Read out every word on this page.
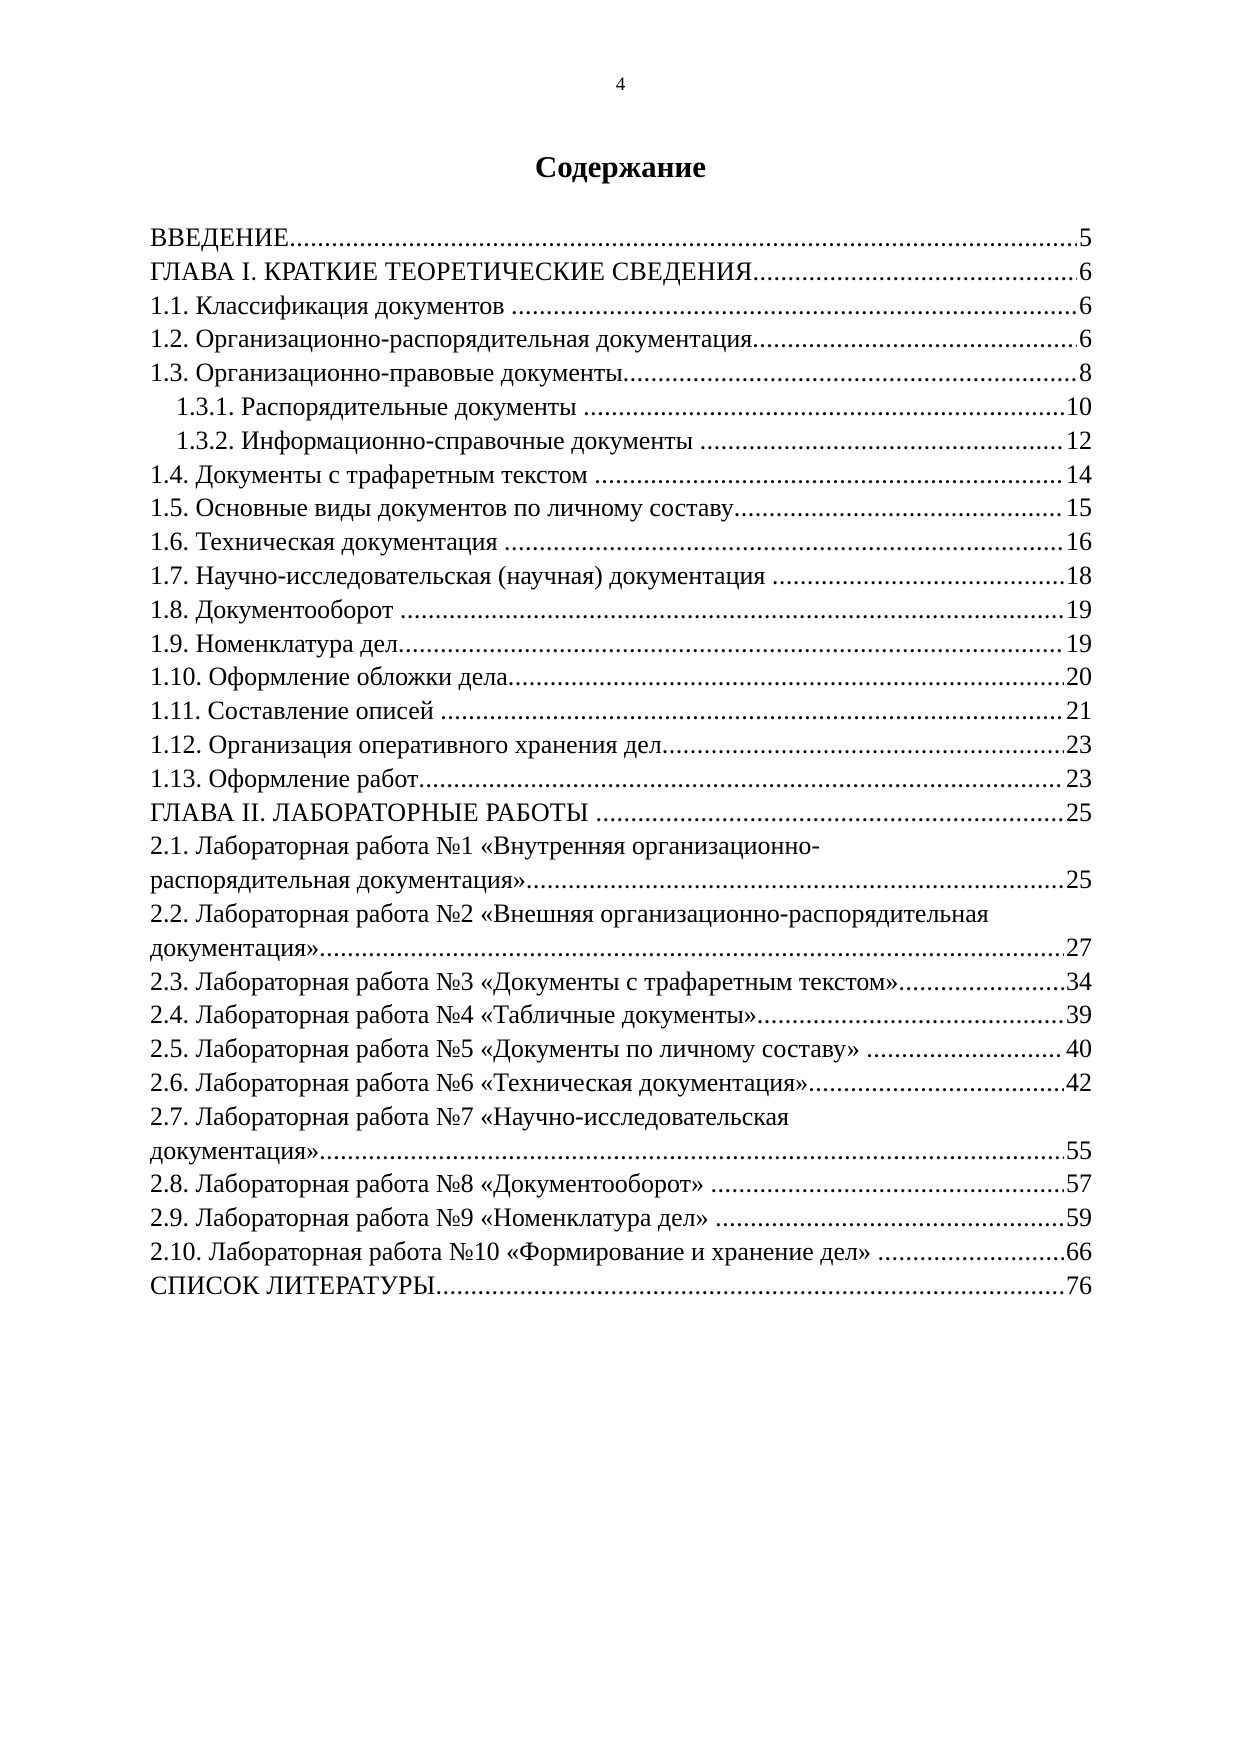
4
Содержание
ВВЕДЕНИЕ .....	5
ГЛАВА I. КРАТКИЕ ТЕОРЕТИЧЕСКИЕ СВЕДЕНИЯ .....	6
1.1. Классификация документов .....	6
1.2. Организационно-распорядительная документация .....	6
1.3. Организационно-правовые документы .....	8
1.3.1. Распорядительные документы .....	10
1.3.2. Информационно-справочные документы .....	12
1.4. Документы с трафаретным текстом .....	14
1.5. Основные виды документов по личному составу .....	15
1.6. Техническая документация .....	16
1.7. Научно-исследовательская (научная) документация .....	18
1.8. Документооборот .....	19
1.9. Номенклатура дел .....	19
1.10. Оформление обложки дела .....	20
1.11. Составление описей .....	21
1.12. Организация оперативного хранения дел .....	23
1.13. Оформление работ .....	23
ГЛАВА II. ЛАБОРАТОРНЫЕ РАБОТЫ .....	25
2.1. Лабораторная работа №1 «Внутренняя организационно-
распорядительная документация» .....	25
2.2. Лабораторная работа №2 «Внешняя организационно-распорядительная
документация» .....	27
2.3. Лабораторная работа №3 «Документы с трафаретным текстом» .....	34
2.4. Лабораторная работа №4 «Табличные документы» .....	39
2.5. Лабораторная работа №5 «Документы по личному составу» .....	40
2.6. Лабораторная работа №6 «Техническая документация» .....	42
2.7. Лабораторная работа №7 «Научно-исследовательская
документация» .....	55
2.8. Лабораторная работа №8 «Документооборот» .....	57
2.9. Лабораторная работа №9 «Номенклатура дел» .....	59
2.10. Лабораторная работа №10 «Формирование и хранение дел» .....	66
СПИСОК ЛИТЕРАТУРЫ .....	76
